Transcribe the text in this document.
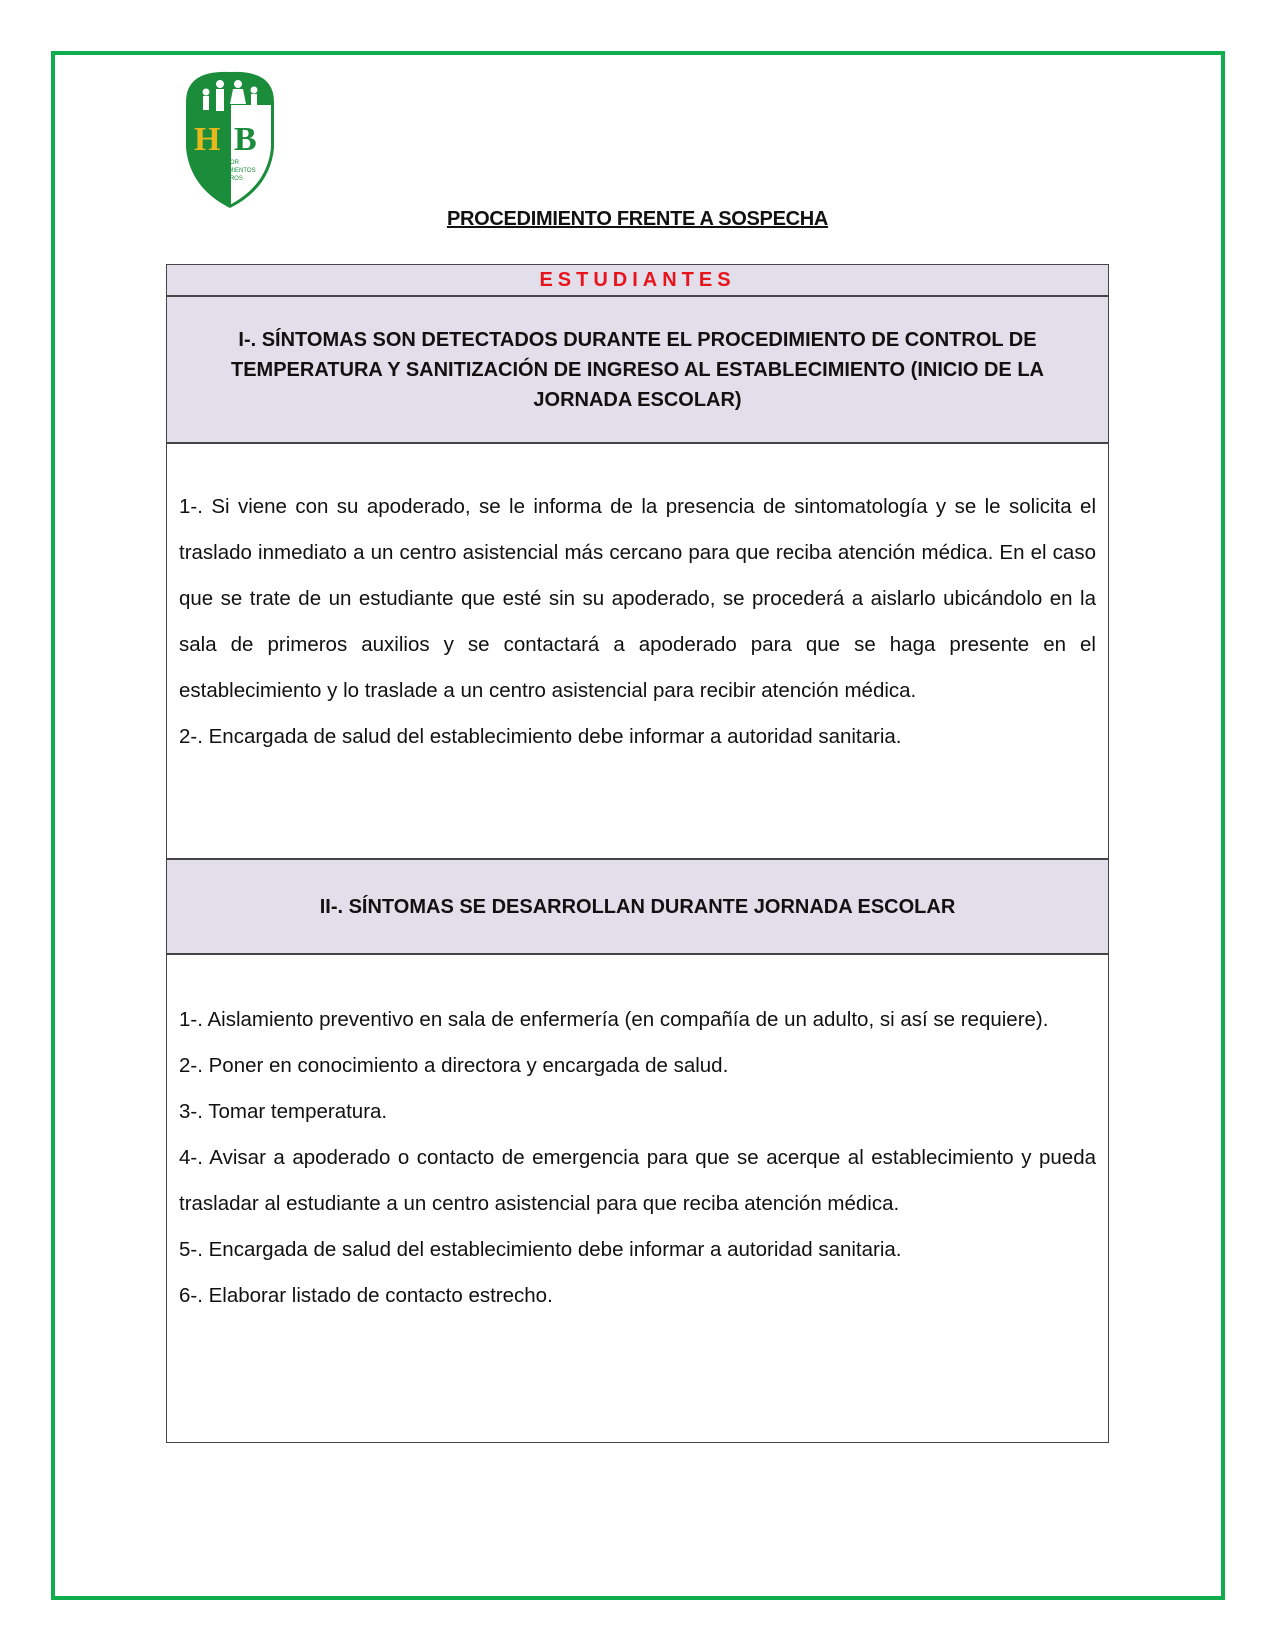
H B
AMOR
CONOCIMIENTOS
LOGROS
PROCEDIMIENTO FRENTE A SOSPECHA
ESTUDIANTES
I-. SÍNTOMAS SON DETECTADOS DURANTE EL PROCEDIMIENTO DE CONTROL DE TEMPERATURA Y SANITIZACIÓN DE INGRESO AL ESTABLECIMIENTO (INICIO DE LA JORNADA ESCOLAR)

1-. Si viene con su apoderado, se le informa de la presencia de sintomatología y se le solicita el traslado inmediato a un centro asistencial más cercano para que reciba atención médica. En el caso que se trate de un estudiante que esté sin su apoderado, se procederá a aislarlo ubicándolo en la sala de primeros auxilios y se contactará a apoderado para que se haga presente en el establecimiento y lo traslade a un centro asistencial para recibir atención médica.

2-. Encargada de salud del establecimiento debe informar a autoridad sanitaria.

II-. SÍNTOMAS SE DESARROLLAN DURANTE JORNADA ESCOLAR

1-. Aislamiento preventivo en sala de enfermería (en compañía de un adulto, si así se requiere).

2-. Poner en conocimiento a directora y encargada de salud.

3-. Tomar temperatura.

4-. Avisar a apoderado o contacto de emergencia para que se acerque al establecimiento y pueda trasladar al estudiante a un centro asistencial para que reciba atención médica.

5-. Encargada de salud del establecimiento debe informar a autoridad sanitaria.

6-. Elaborar listado de contacto estrecho.
